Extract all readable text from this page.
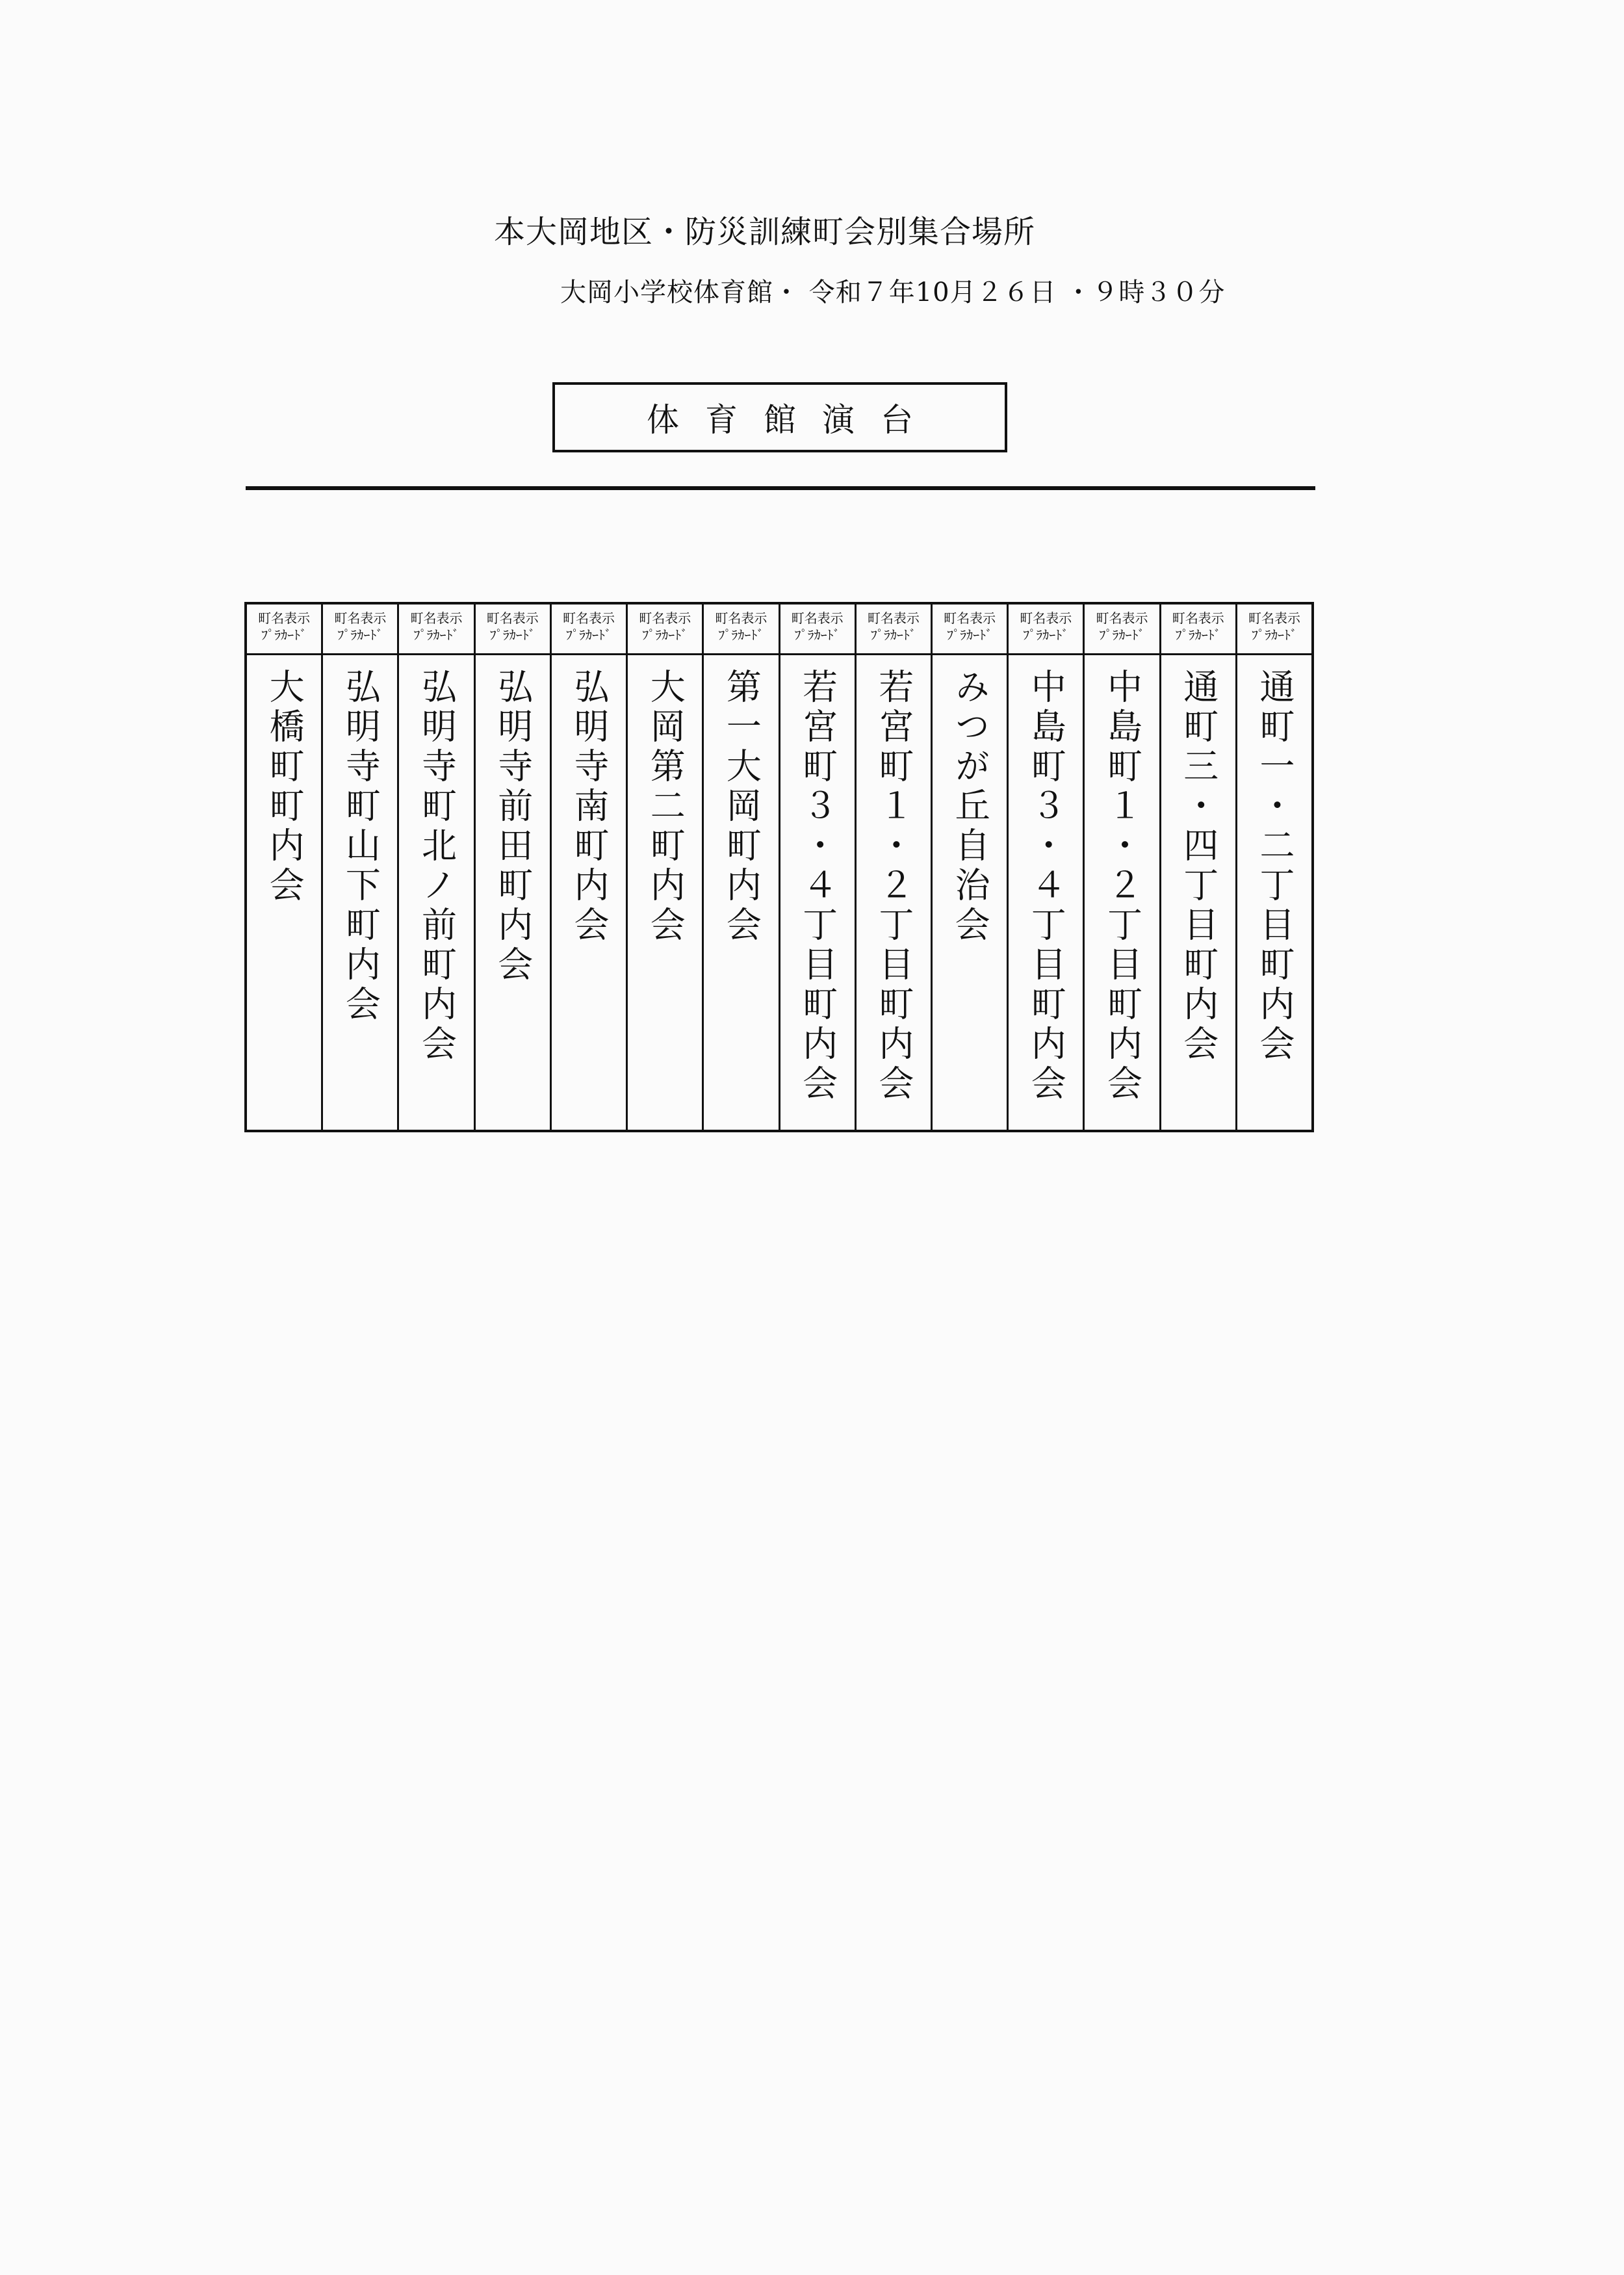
本大岡地区・防災訓練町会別集合場所
大岡小学校体育館・ 令和７年10月２６日 ・９時３０分
体育館演台
町名表示
ﾌﾟﾗｶｰﾄﾞ
大橋町町内会
町名表示
ﾌﾟﾗｶｰﾄﾞ
弘明寺町山下町内会
町名表示
ﾌﾟﾗｶｰﾄﾞ
弘明寺町北ノ前町内会
町名表示
ﾌﾟﾗｶｰﾄﾞ
弘明寺前田町内会
町名表示
ﾌﾟﾗｶｰﾄﾞ
弘明寺南町内会
町名表示
ﾌﾟﾗｶｰﾄﾞ
大岡第二町内会
町名表示
ﾌﾟﾗｶｰﾄﾞ
第一大岡町内会
町名表示
ﾌﾟﾗｶｰﾄﾞ
若宮町３・４丁目町内会
町名表示
ﾌﾟﾗｶｰﾄﾞ
若宮町１・２丁目町内会
町名表示
ﾌﾟﾗｶｰﾄﾞ
みつが丘自治会
町名表示
ﾌﾟﾗｶｰﾄﾞ
中島町３・４丁目町内会
町名表示
ﾌﾟﾗｶｰﾄﾞ
中島町１・２丁目町内会
町名表示
ﾌﾟﾗｶｰﾄﾞ
通町三・四丁目町内会
町名表示
ﾌﾟﾗｶｰﾄﾞ
通町一・二丁目町内会
